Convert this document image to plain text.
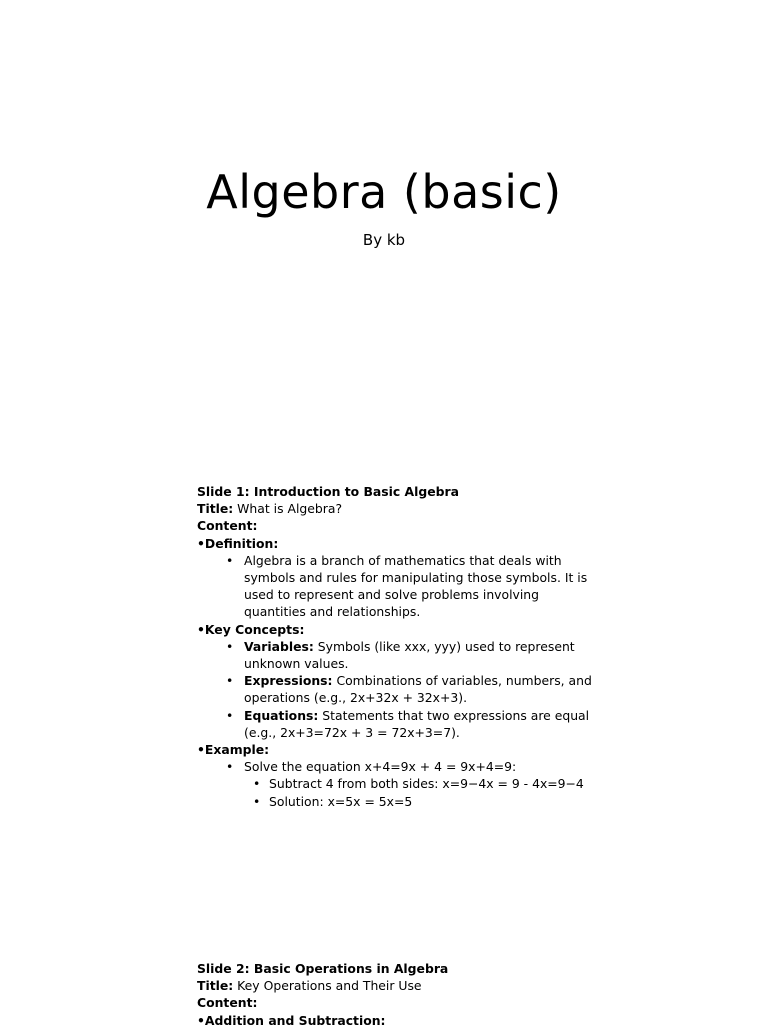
Algebra (basic)
By kb
Slide 1: Introduction to Basic Algebra
Title: What is Algebra?
Content:
•Definition:
• Algebra is a branch of mathematics that deals with
symbols and rules for manipulating those symbols. It is
used to represent and solve problems involving
quantities and relationships.
•Key Concepts:
• Variables: Symbols (like xxx, yyy) used to represent
unknown values.
• Expressions: Combinations of variables, numbers, and
operations (e.g., 2x+32x + 32x+3).
• Equations: Statements that two expressions are equal
(e.g., 2x+3=72x + 3 = 72x+3=7).
•Example:
• Solve the equation x+4=9x + 4 = 9x+4=9:
• Subtract 4 from both sides: x=9−4x = 9 - 4x=9−4
• Solution: x=5x = 5x=5
Slide 2: Basic Operations in Algebra
Title: Key Operations and Their Use
Content:
•Addition and Subtraction:
